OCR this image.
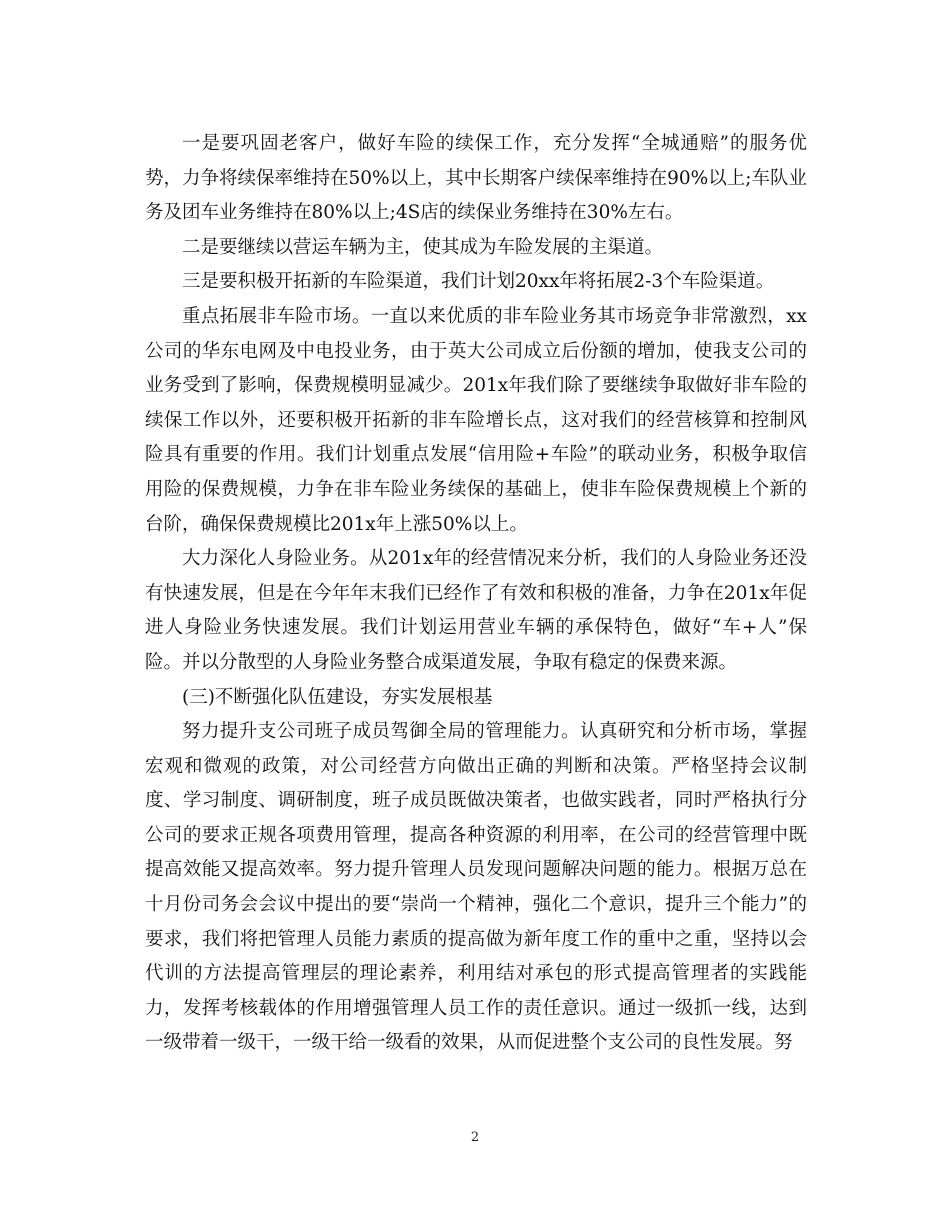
一是要巩固老客户，做好车险的续保工作，充分发挥“全城通赔”的服务优势，力争将续保率维持在50%以上，其中长期客户续保率维持在90%以上;车队业务及团车业务维持在80%以上;4S店的续保业务维持在30%左右。

二是要继续以营运车辆为主，使其成为车险发展的主渠道。

三是要积极开拓新的车险渠道，我们计划20xx年将拓展2-3个车险渠道。

重点拓展非车险市场。一直以来优质的非车险业务其市场竞争非常激烈，xx公司的华东电网及中电投业务，由于英大公司成立后份额的增加，使我支公司的业务受到了影响，保费规模明显减少。201x年我们除了要继续争取做好非车险的续保工作以外，还要积极开拓新的非车险增长点，这对我们的经营核算和控制风险具有重要的作用。我们计划重点发展“信用险+车险”的联动业务，积极争取信用险的保费规模，力争在非车险业务续保的基础上，使非车险保费规模上个新的台阶，确保保费规模比201x年上涨50%以上。

大力深化人身险业务。从201x年的经营情况来分析，我们的人身险业务还没有快速发展，但是在今年年末我们已经作了有效和积极的准备，力争在201x年促进人身险业务快速发展。我们计划运用营业车辆的承保特色，做好“车+人”保险。并以分散型的人身险业务整合成渠道发展，争取有稳定的保费来源。

(三)不断强化队伍建设，夯实发展根基

努力提升支公司班子成员驾御全局的管理能力。认真研究和分析市场，掌握宏观和微观的政策，对公司经营方向做出正确的判断和决策。严格坚持会议制度、学习制度、调研制度，班子成员既做决策者，也做实践者，同时严格执行分公司的要求正规各项费用管理，提高各种资源的利用率，在公司的经营管理中既提高效能又提高效率。努力提升管理人员发现问题解决问题的能力。根据万总在十月份司务会会议中提出的要“崇尚一个精神，强化二个意识，提升三个能力”的要求，我们将把管理人员能力素质的提高做为新年度工作的重中之重，坚持以会代训的方法提高管理层的理论素养，利用结对承包的形式提高管理者的实践能力，发挥考核载体的作用增强管理人员工作的责任意识。通过一级抓一线，达到一级带着一级干，一级干给一级看的效果，从而促进整个支公司的良性发展。努

2
